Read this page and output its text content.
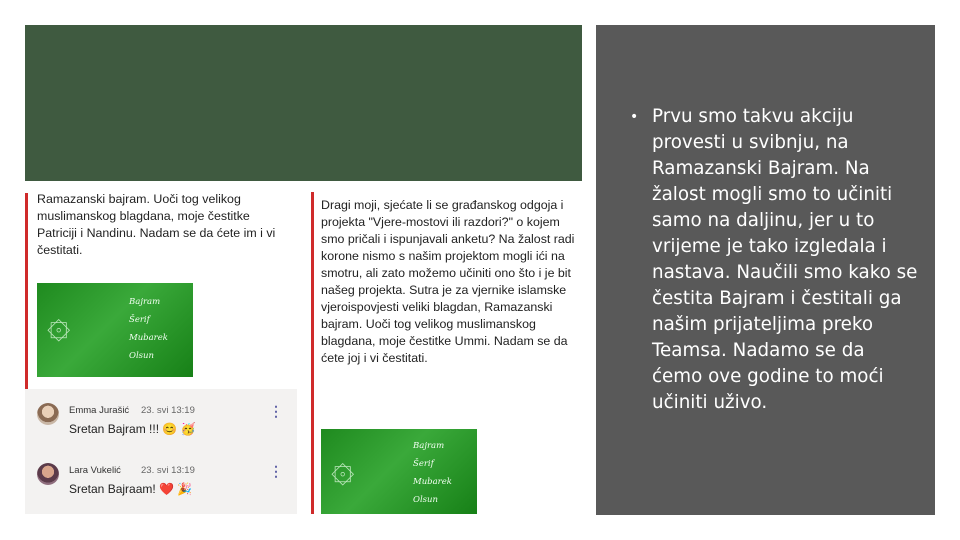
• Prvu smo takvu akciju provesti u svibnju, na Ramazanski Bajram. Na žalost mogli smo to učiniti samo na daljinu, jer u to vrijeme je tako izgledala i nastava. Naučili smo kako se čestita Bajram i čestitali ga našim prijateljima preko Teamsa. Nadamo se da ćemo ove godine to moći učiniti uživo.
Ramazanski bajram. Uoči tog velikog muslimanskog blagdana, moje čestitke Patriciji i Nandinu. Nadam se da ćete im i vi čestitati.
۞	Bajram
Šerif
Mubarek
Olsun
Emma Jurašić 23. svi 13:19
Sretan Bajram !!! 😊 🥳
⋮
Lara Vukelić 23. svi 13:19
Sretan Bajraam! ❤️ 🎉
⋮
Dragi moji, sjećate li se građanskog odgoja i projekta "Vjere-mostovi ili razdori?" o kojem smo pričali i ispunjavali anketu? Na žalost radi korone nismo s našim projektom mogli ići na smotru, ali zato možemo učiniti ono što i je bit našeg projekta. Sutra je za vjernike islamske vjeroispovjesti veliki blagdan, Ramazanski bajram. Uoči tog velikog muslimanskog blagdana, moje čestitke Ummi. Nadam se da ćete joj i vi čestitati.
۞	Bajram
Šerif
Mubarek
Olsun
